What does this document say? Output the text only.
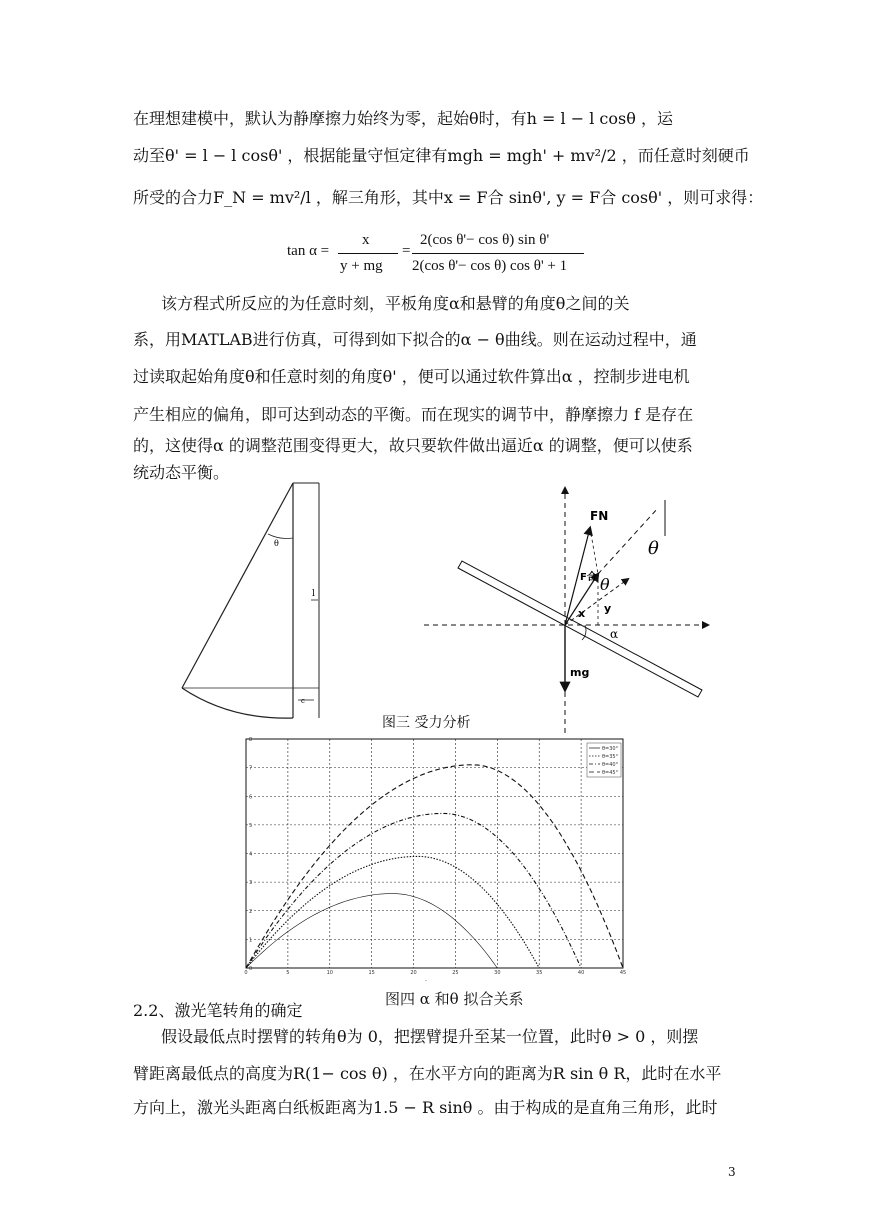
在理想建模中，默认为静摩擦力始终为零，起始θ时，有h = l − l cosθ ，运
动至θ' = l − l cosθ' ，根据能量守恒定律有mgh = mgh' + mv²/2 ，而任意时刻硬币
所受的合力F_N = mv²/l ，解三角形，其中x = F合 sinθ', y = F合 cosθ' ，则可求得：
tan α =
x
y + mg
=
2(cos θ'− cos θ) sin θ'
2(cos θ'− cos θ) cos θ' + 1
该方程式所反应的为任意时刻，平板角度α和悬臂的角度θ之间的关
系，用MATLAB进行仿真，可得到如下拟合的α − θ曲线。则在运动过程中，通
过读取起始角度θ和任意时刻的角度θ' ，便可以通过软件算出α ，控制步进电机
产生相应的偏角，即可达到动态的平衡。而在现实的调节中，静摩擦力 f 是存在
的，这使得α 的调整范围变得更大，故只要软件做出逼近α 的调整，便可以使系
统动态平衡。
θ
l
c
FN
F合 θ
θ
x y
α
mg
图三 受力分析
0	5	10	15	20	25	30	35	40	45
0
1
2
3
4
5
6
7
8
θ=30°
θ=35°
θ=40°
θ=45°
-
图四 α 和θ 拟合关系
2.2、激光笔转角的确定
假设最低点时摆臂的转角θ为 0，把摆臂提升至某一位置，此时θ > 0 ，则摆
臂距离最低点的高度为R(1− cos θ) ，在水平方向的距离为R sin θ R，此时在水平
方向上，激光头距离白纸板距离为1.5 − R sinθ 。由于构成的是直角三角形，此时
3
